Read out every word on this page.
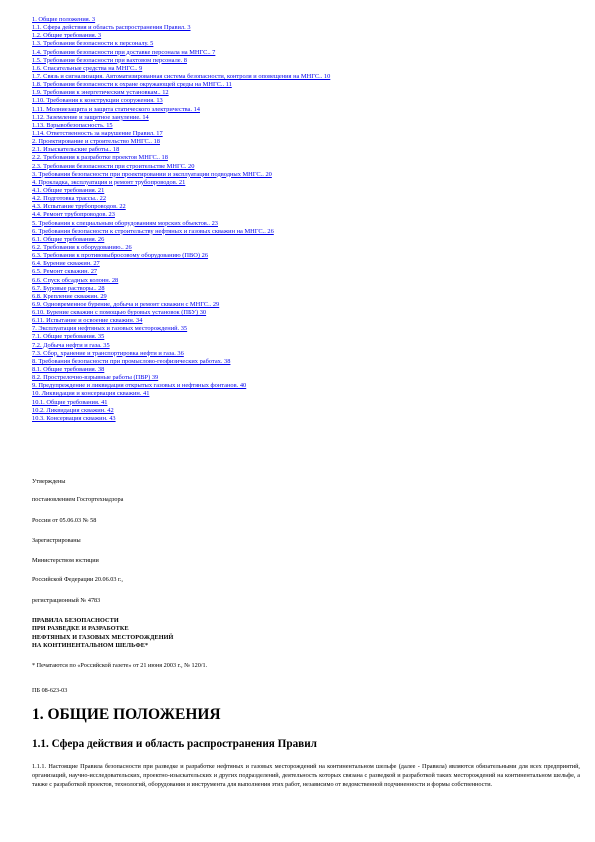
1. Общие положения. 3
1.1. Сфера действия и область распространения Правил. 3
1.2. Общие требования. 3
1.3. Требования безопасности к персоналу. 5
1.4. Требования безопасности при доставке персонала на МНГС.. 7
1.5. Требования безопасности при вахтовом персонале. 8
1.6. Спасательные средства на МНГС.. 9
1.7. Связь и сигнализация. Автоматизированная система безопасности, контроля и оповещения на МНГС.. 10
1.8. Требования безопасности к охране окружающей среды на МНГС.. 11
1.9. Требования к энергетическим установкам.. 12
1.10. Требования к конструкции сооружения. 13
1.11. Молниезащита и защита статического электричества. 14
1.12. Заземление и защитное зануление. 14
1.13. Взрывобезопасность. 15
1.14. Ответственность за нарушение Правил. 17
2. Проектирование и строительство МНГС.. 18
2.1. Изыскательские работы.. 18
2.2. Требования к разработке проектов МНГС.. 18
2.3. Требования безопасности при строительстве МНГС. 20
3. Требования безопасности при проектировании и эксплуатации подводных МНГС.. 20
4. Прокладка, эксплуатация и ремонт трубопроводов. 21
4.1. Общие требования. 21
4.2. Подготовка трассы.. 22
4.3. Испытание трубопроводов. 22
4.4. Ремонт трубопроводов. 23
5. Требования к специальным оборудованиям морских объектов.. 23
6. Требования безопасности к строительству нефтяных и газовых скважин на МНГС.. 26
6.1. Общие требования. 26
6.2. Требования к оборудованию.. 26
6.3. Требования к противовыбросовому оборудованию (ПВО) 26
6.4. Бурение скважин. 27
6.5. Ремонт скважин. 27
6.6. Спуск обсадных колонн. 28
6.7. Буровые растворы.. 28
6.8. Крепление скважин. 29
6.9. Одновременное бурение, добыча и ремонт скважин с МНГС.. 29
6.10. Бурение скважин с помощью буровых установок (ПБУ) 30
6.11. Испытание и освоение скважин. 34
7. Эксплуатация нефтяных и газовых месторождений. 35
7.1. Общие требования. 35
7.2. Добыча нефти и газа. 35
7.3. Сбор, хранение и транспортировка нефти и газа. 36
8. Требования безопасности при промыслово-геофизических работах. 38
8.1. Общие требования. 38
8.2. Прострелочно-взрывные работы (ПВР) 39
9. Предупреждение и ликвидация открытых газовых и нефтяных фонтанов. 40
10. Ликвидация и консервация скважин. 41
10.1. Общие требования. 41
10.2. Ликвидация скважин. 42
10.3. Консервация скважин. 43
Утверждены
постановлением Госгортехнадзора
России от 05.06.03 № 58
Зарегистрированы
Министерством юстиции
Российской Федерации 20.06.03 г.,
регистрационный № 4783
ПРАВИЛА БЕЗОПАСНОСТИ
ПРИ РАЗВЕДКЕ И РАЗРАБОТКЕ
НЕФТЯНЫХ И ГАЗОВЫХ МЕСТОРОЖДЕНИЙ
НА КОНТИНЕНТАЛЬНОМ ШЕЛЬФЕ*
* Печатаются по «Российской газете» от 21 июня 2003 г., № 120/1.
ПБ 08-623-03
1. ОБЩИЕ ПОЛОЖЕНИЯ
1.1. Сфера действия и область распространения Правил

1.1.1. Настоящие Правила безопасности при разведке и разработке нефтяных и газовых месторождений на континентальном шельфе (далее - Правила) являются обязательными для всех предприятий, организаций, научно-исследовательских, проектно-изыскательских и других подразделений, деятельность которых связана с разведкой и разработкой таких месторождений на континентальном шельфе, а также с разработкой проектов, технологий, оборудования и инструмента для выполнения этих работ, независимо от ведомственной подчиненности и формы собственности.
